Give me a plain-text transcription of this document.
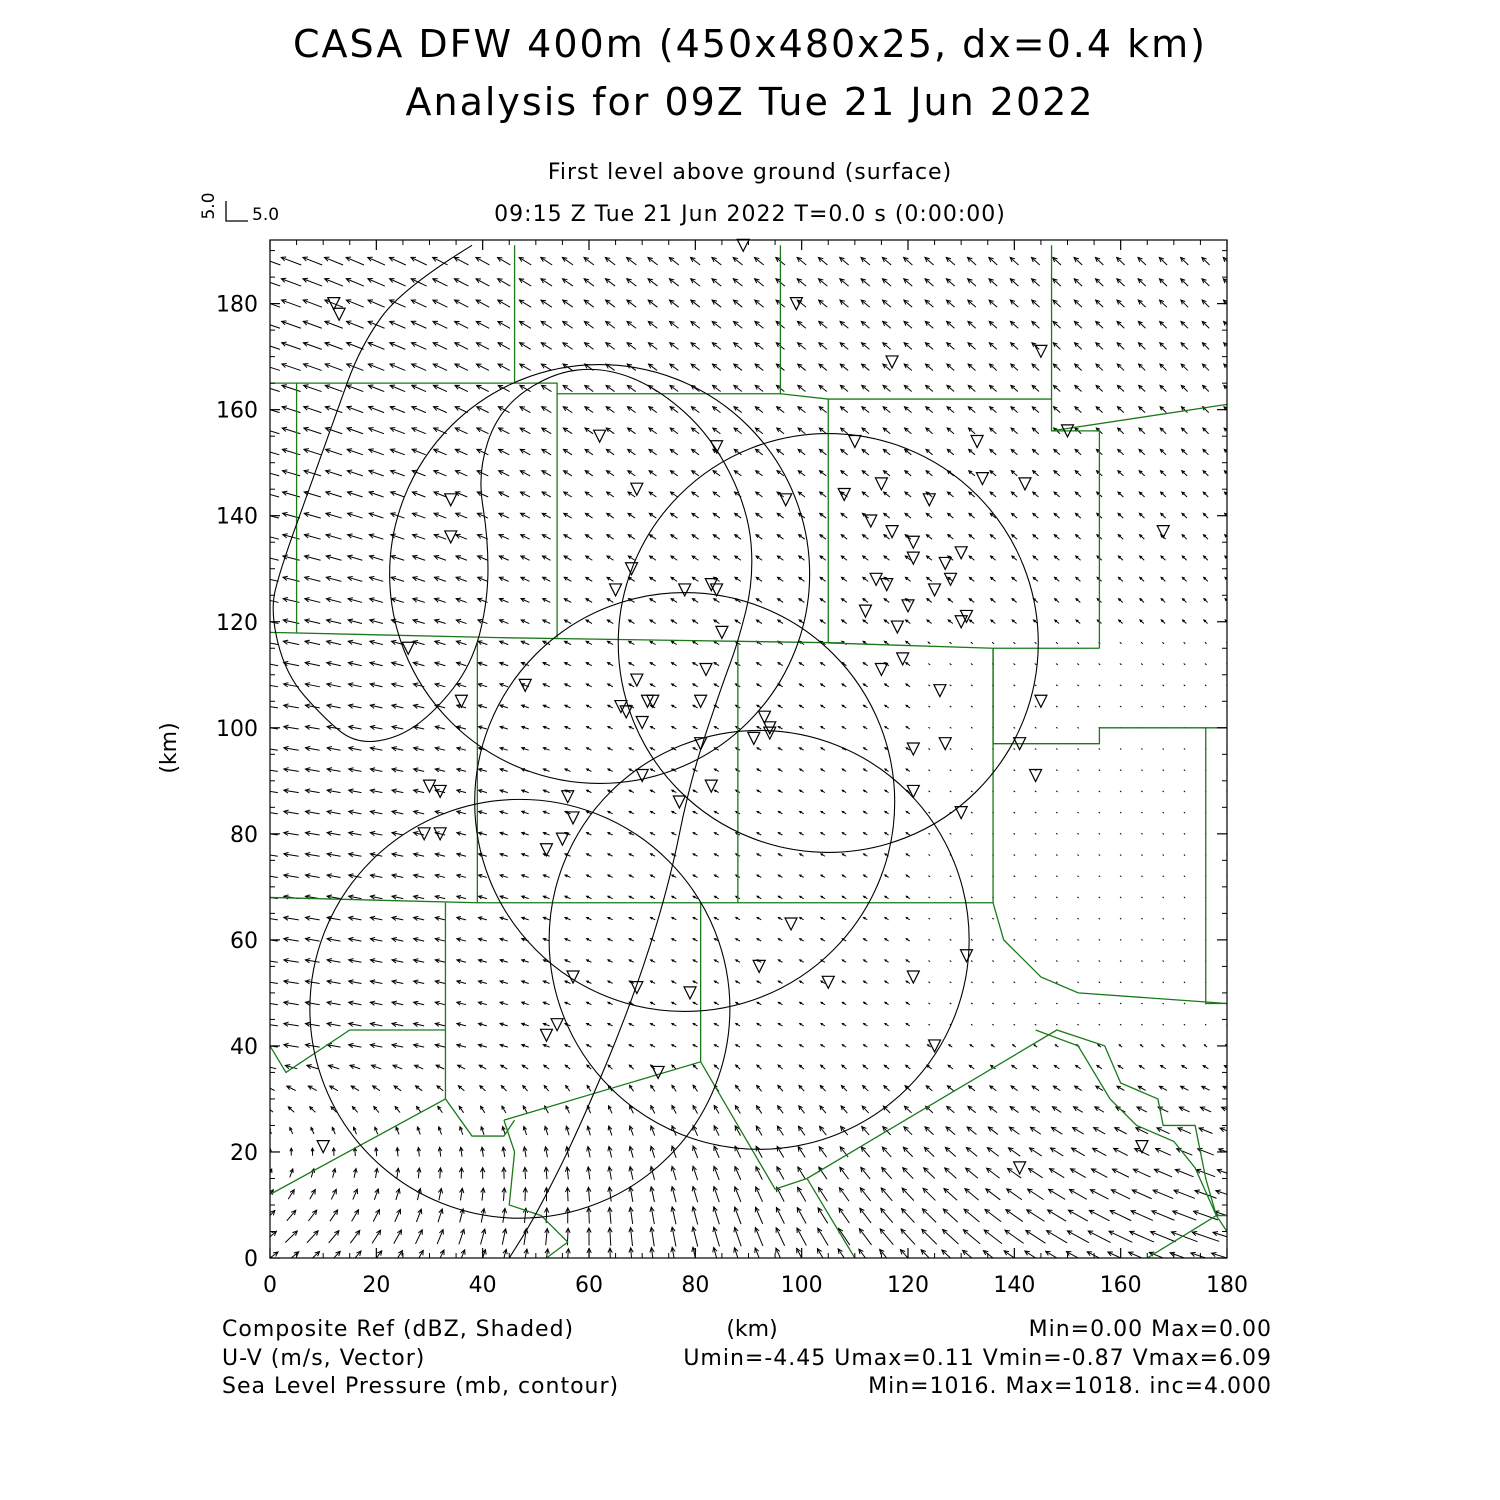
CASA DFW 400m (450x480x25, dx=0.4 km)
Analysis for 09Z Tue 21 Jun 2022
First level above ground (surface)
09:15 Z Tue 21 Jun 2022 T=0.0 s (0:00:00)
0	20	40	60	80	100	120	140	160	180
0
20
40
60
80
100
120
140
160
180
(km)
(km)
5.0 5.0
Composite Ref (dBZ, Shaded)	Min=0.00 Max=0.00
U-V (m/s, Vector)	Umin=-4.45 Umax=0.11 Vmin=-0.87 Vmax=6.09
Sea Level Pressure (mb, contour)	Min=1016. Max=1018. inc=4.000
